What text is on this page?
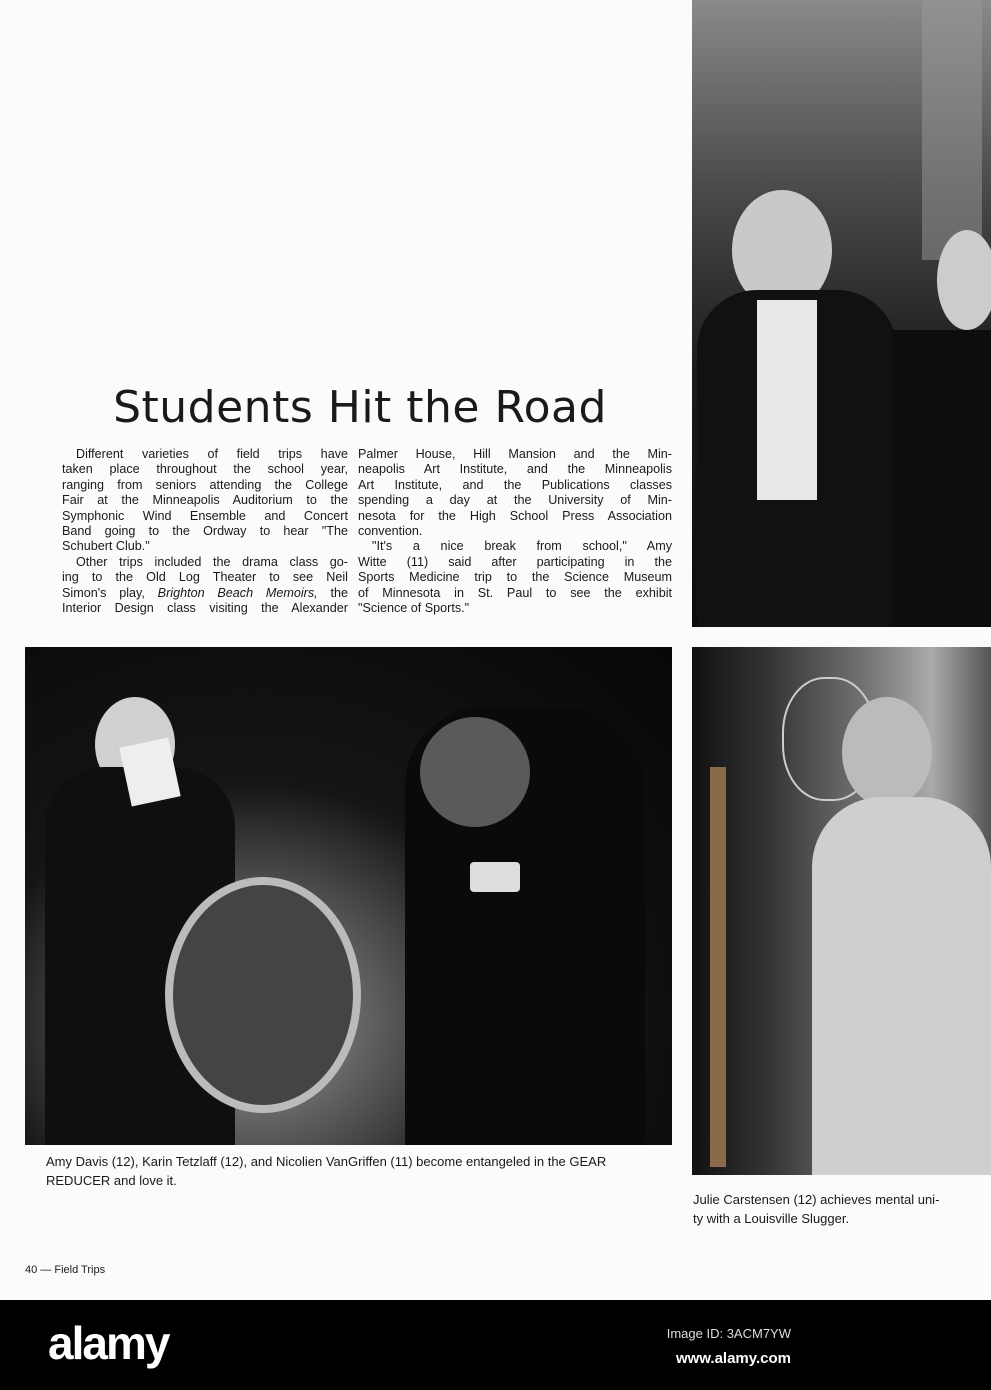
Students Hit the Road
Different varieties of field trips have
taken place throughout the school year,
ranging from seniors attending the College
Fair at the Minneapolis Auditorium to the
Symphonic Wind Ensemble and Concert
Band going to the Ordway to hear "The
Schubert Club."
Other trips included the drama class go-
ing to the Old Log Theater to see Neil
Simon's play, Brighton Beach Memoirs, the
Interior Design class visiting the Alexander
Palmer House, Hill Mansion and the Min-
neapolis Art Institute, and the Minneapolis
Art Institute, and the Publications classes
spending a day at the University of Min-
nesota for the High School Press Association
convention.
"It's a nice break from school," Amy
Witte (11) said after participating in the
Sports Medicine trip to the Science Museum
of Minnesota in St. Paul to see the exhibit
"Science of Sports."
Amy Davis (12), Karin Tetzlaff (12), and Nicolien VanGriffen (11) become entangeled in the GEAR REDUCER and love it.
Julie Carstensen (12) achieves mental uni-
ty with a Louisville Slugger.
40 — Field Trips
alamy	Image ID: 3ACM7YW
www.alamy.com
